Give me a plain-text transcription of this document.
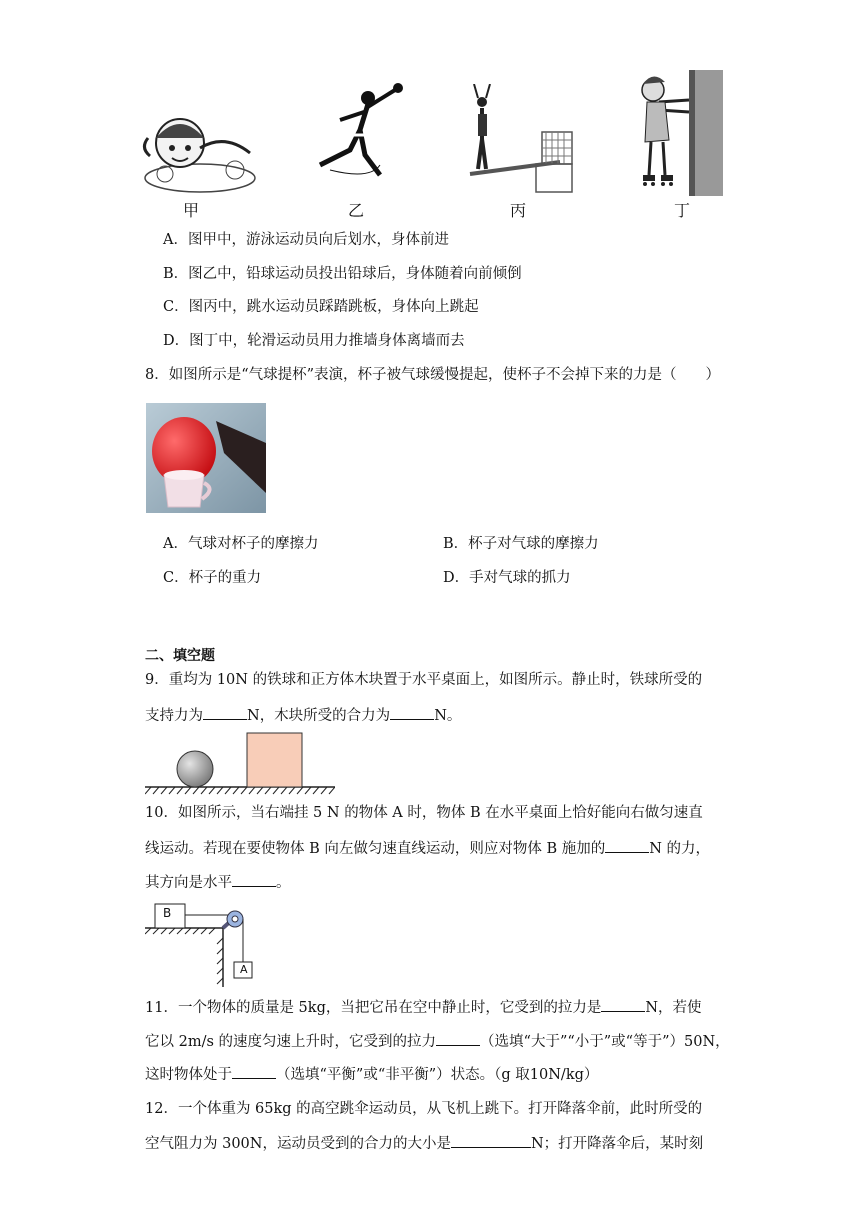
甲	乙	丙	丁
A．图甲中，游泳运动员向后划水，身体前进
B．图乙中，铅球运动员投出铅球后，身体随着向前倾倒
C．图丙中，跳水运动员踩踏跳板，身体向上跳起
D．图丁中，轮滑运动员用力推墙身体离墙而去
8．如图所示是“气球提杯”表演，杯子被气球缓慢提起，使杯子不会掉下来的力是（　　）
A．气球对杯子的摩擦力	B．杯子对气球的摩擦力
C．杯子的重力	D．手对气球的抓力
二、填空题
9．重均为 10N 的铁球和正方体木块置于水平桌面上，如图所示。静止时，铁球所受的
支持力为	N，木块所受的合力为	N。
10．如图所示，当右端挂 5 N 的物体 A 时，物体 B 在水平桌面上恰好能向右做匀速直
线运动。若现在要使物体 B 向左做匀速直线运动，则应对物体 B 施加的	N 的力，
其方向是水平	。
B
A
11．一个物体的质量是 5kg，当把它吊在空中静止时，它受到的拉力是	N，若使
它以 2m/s 的速度匀速上升时，它受到的拉力	（选填“大于”“小于”或“等于”）50N，
这时物体处于	（选填“平衡”或“非平衡”）状态。（g 取10N/kg）
12．一个体重为 65kg 的高空跳伞运动员，从飞机上跳下。打开降落伞前，此时所受的
空气阻力为 300N，运动员受到的合力的大小是	N；打开降落伞后，某时刻
